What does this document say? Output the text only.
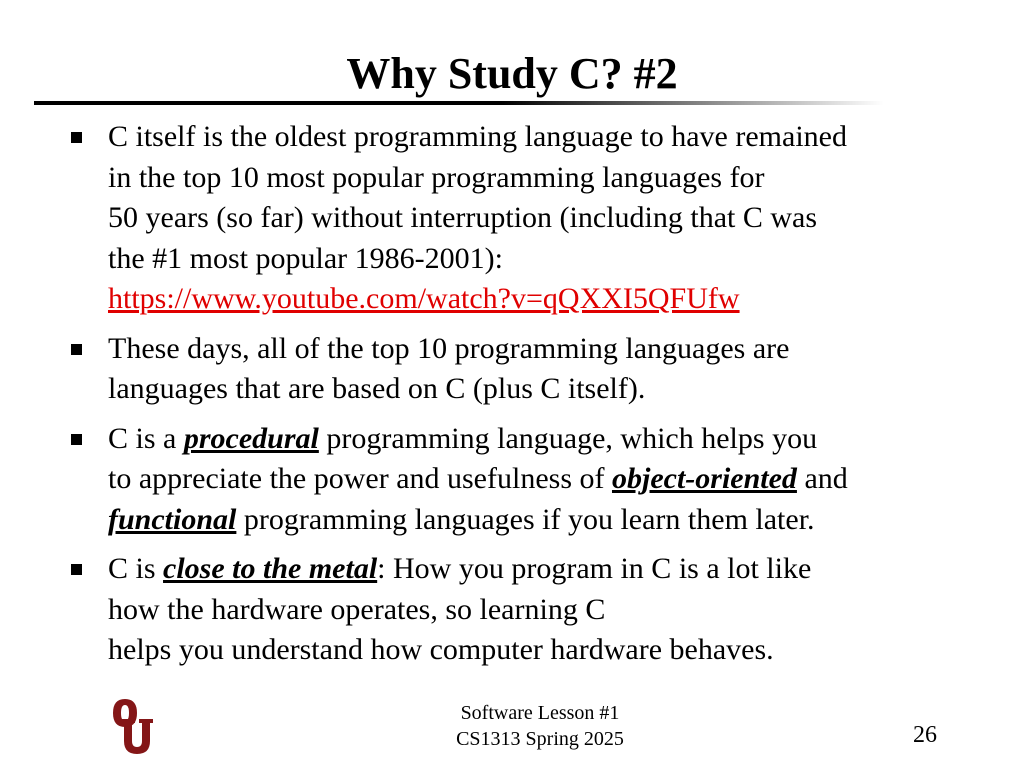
Why Study C? #2
C itself is the oldest programming language to have remained
in the top 10 most popular programming languages for
50 years (so far) without interruption (including that C was
the #1 most popular 1986-2001):
https://www.youtube.com/watch?v=qQXXI5QFUfw
These days, all of the top 10 programming languages are
languages that are based on C (plus C itself).
C is a procedural programming language, which helps you
to appreciate the power and usefulness of object-oriented and
functional programming languages if you learn them later.
C is close to the metal: How you program in C is a lot like
how the hardware operates, so learning C
helps you understand how computer hardware behaves.
Software Lesson #1
CS1313 Spring 2025	26
